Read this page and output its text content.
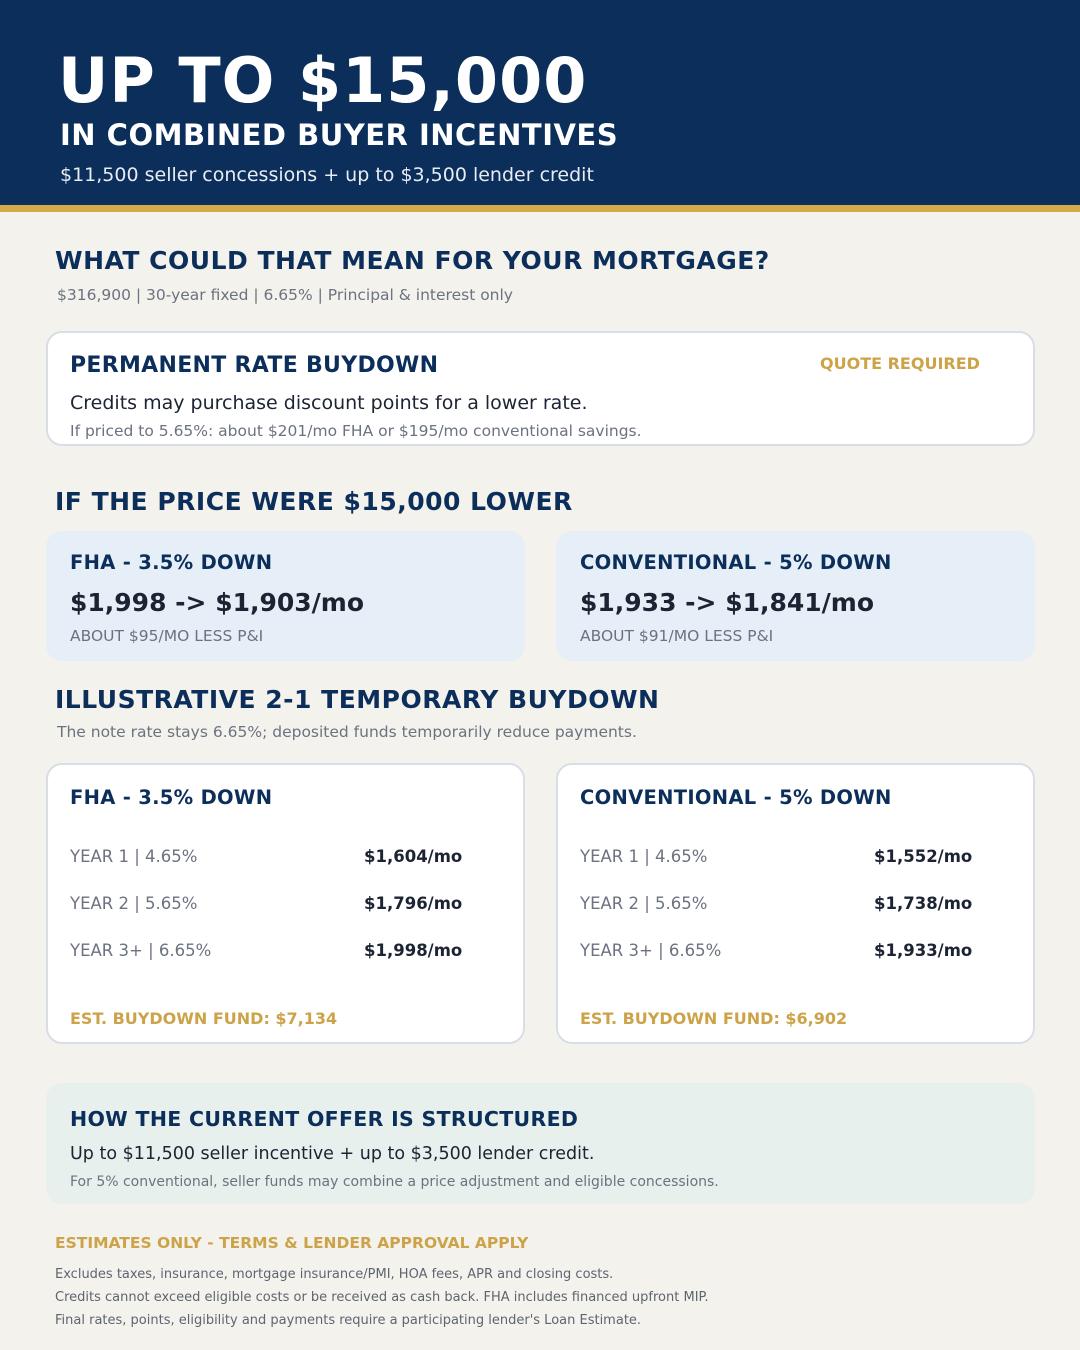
UP TO $15,000
IN COMBINED BUYER INCENTIVES
$11,500 seller concessions + up to $3,500 lender credit
WHAT COULD THAT MEAN FOR YOUR MORTGAGE?
$316,900 | 30-year fixed | 6.65% | Principal & interest only
PERMANENT RATE BUYDOWN	QUOTE REQUIRED
Credits may purchase discount points for a lower rate.
If priced to 5.65%: about $201/mo FHA or $195/mo conventional savings.
IF THE PRICE WERE $15,000 LOWER
FHA - 3.5% DOWN
$1,998 -> $1,903/mo
ABOUT $95/MO LESS P&I
CONVENTIONAL - 5% DOWN
$1,933 -> $1,841/mo
ABOUT $91/MO LESS P&I
ILLUSTRATIVE 2-1 TEMPORARY BUYDOWN
The note rate stays 6.65%; deposited funds temporarily reduce payments.
FHA - 3.5% DOWN
YEAR 1 | 4.65%	$1,604/mo
YEAR 2 | 5.65%	$1,796/mo
YEAR 3+ | 6.65%	$1,998/mo
EST. BUYDOWN FUND: $7,134
CONVENTIONAL - 5% DOWN
YEAR 1 | 4.65%	$1,552/mo
YEAR 2 | 5.65%	$1,738/mo
YEAR 3+ | 6.65%	$1,933/mo
EST. BUYDOWN FUND: $6,902
HOW THE CURRENT OFFER IS STRUCTURED
Up to $11,500 seller incentive + up to $3,500 lender credit.
For 5% conventional, seller funds may combine a price adjustment and eligible concessions.
ESTIMATES ONLY - TERMS & LENDER APPROVAL APPLY
Excludes taxes, insurance, mortgage insurance/PMI, HOA fees, APR and closing costs.
Credits cannot exceed eligible costs or be received as cash back. FHA includes financed upfront MIP.
Final rates, points, eligibility and payments require a participating lender's Loan Estimate.
